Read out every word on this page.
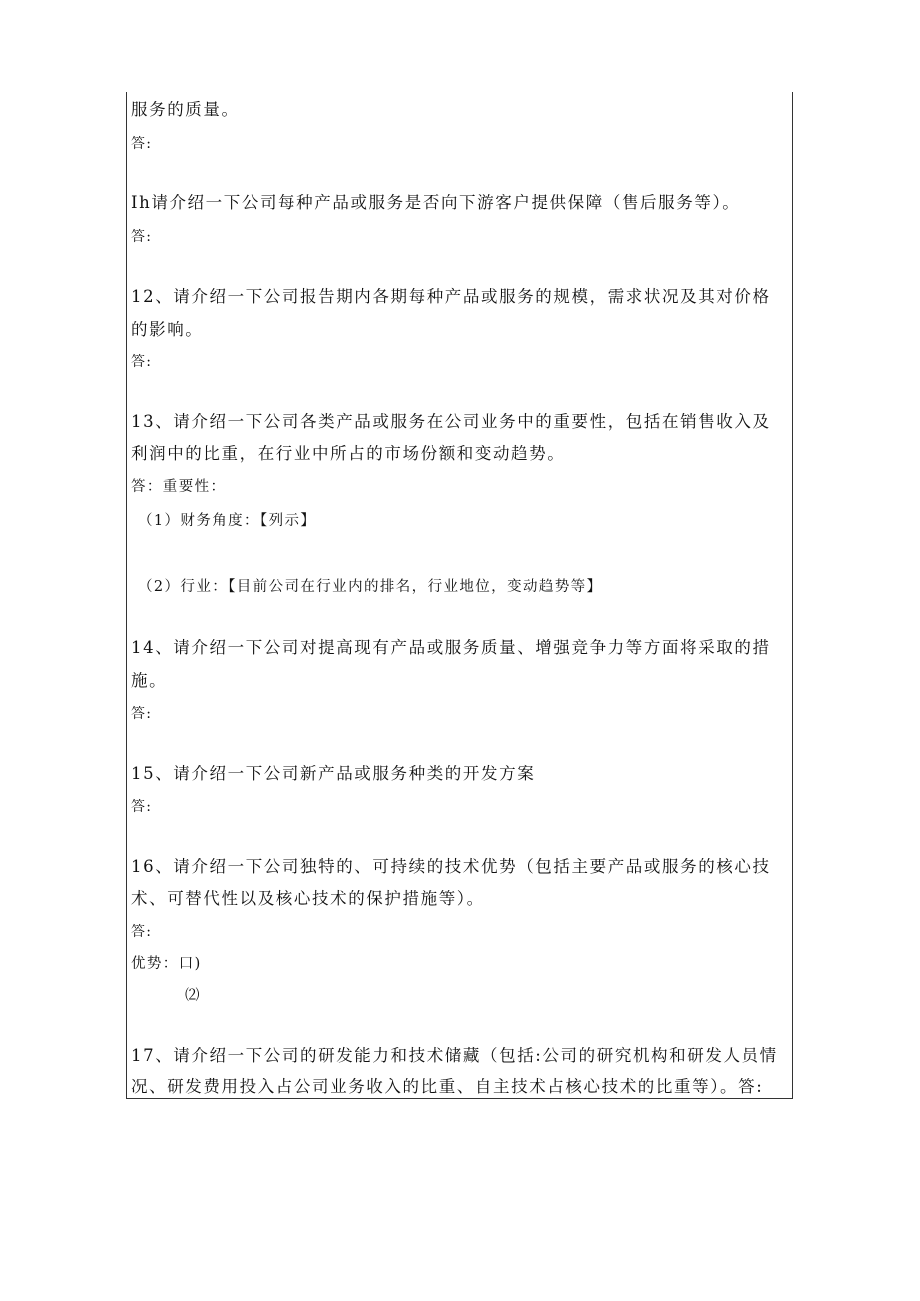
服务的质量。
答:
Ih请介绍一下公司每种产品或服务是否向下游客户提供保障（售后服务等）。
答:
12、请介绍一下公司报告期内各期每种产品或服务的规模，需求状况及其对价格
的影响。
答:
13、请介绍一下公司各类产品或服务在公司业务中的重要性，包括在销售收入及
利润中的比重，在行业中所占的市场份额和变动趋势。
答：重要性：
（1）财务角度：【列示】
（2）行业：【目前公司在行业内的排名，行业地位，变动趋势等】
14、请介绍一下公司对提高现有产品或服务质量、增强竞争力等方面将采取的措
施。
答:
15、请介绍一下公司新产品或服务种类的开发方案
答:
16、请介绍一下公司独特的、可持续的技术优势（包括主要产品或服务的核心技
术、可替代性以及核心技术的保护措施等）。
答:
优势：口)
⑵
17、请介绍一下公司的研发能力和技术储藏（包括:公司的研究机构和研发人员情
况、研发费用投入占公司业务收入的比重、自主技术占核心技术的比重等）。答:
